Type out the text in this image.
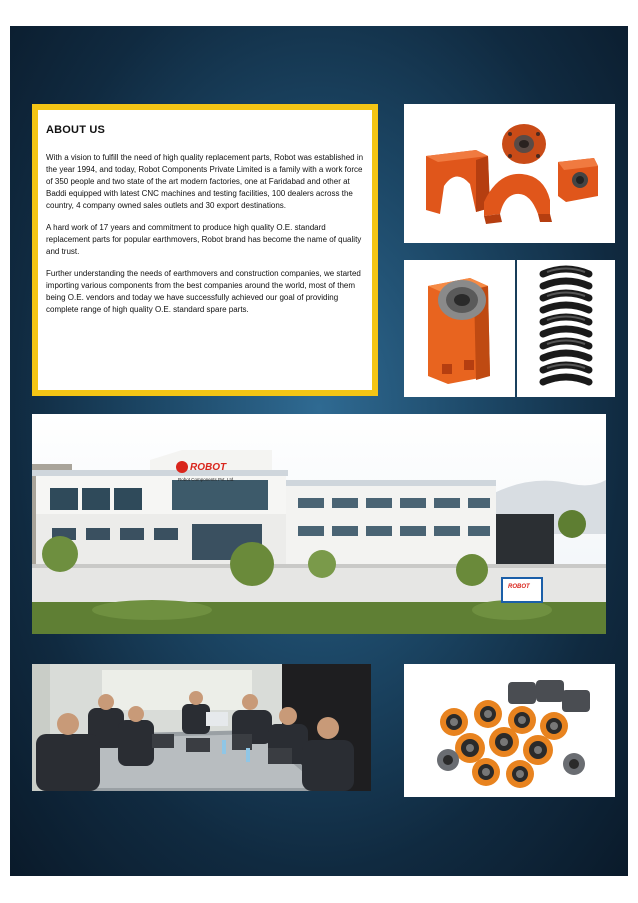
ABOUT US

With a vision to fulfill the need of high quality replacement parts, Robot was established in the year 1994, and today, Robot Components Private Limited is a family with a work force of 350 people and two state of the art modern factories, one at Faridabad and other at Baddi equipped with latest CNC machines and testing facilities, 100 dealers across the country, 4 company owned sales outlets and 30 export destinations.

A hard work of 17 years and commitment to produce high quality O.E. standard replacement parts for popular earthmovers, Robot brand has become the name of quality and trust.

Further understanding the needs of earthmovers and construction companies, we started importing various components from the best companies around the world, most of them being O.E. vendors and today we have successfully achieved our goal of providing complete range of high quality O.E. standard spare parts.

ROBOT
Robot Components Pvt. Ltd.
ROBOT
